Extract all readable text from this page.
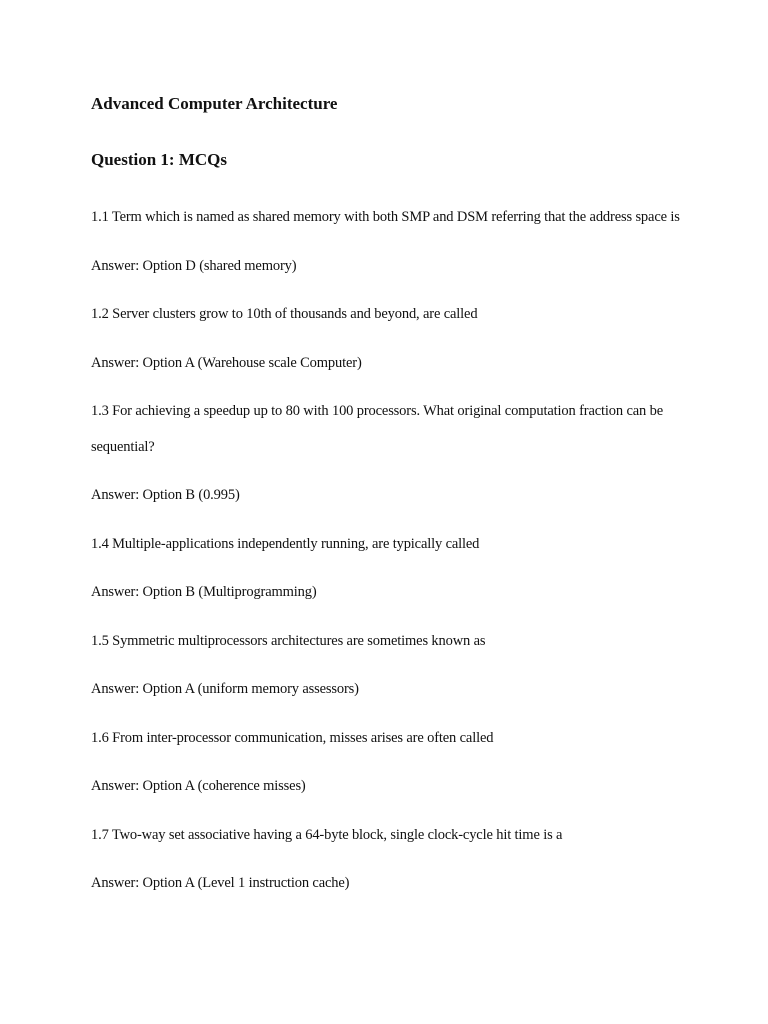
Advanced Computer Architecture
Question 1: MCQs

1.1 Term which is named as shared memory with both SMP and DSM referring that the address space is

Answer: Option D (shared memory)

1.2 Server clusters grow to 10th of thousands and beyond, are called

Answer: Option A (Warehouse scale Computer)

1.3 For achieving a speedup up to 80 with 100 processors. What original computation fraction can be sequential?

Answer: Option B (0.995)

1.4 Multiple-applications independently running, are typically called

Answer: Option B (Multiprogramming)

1.5 Symmetric multiprocessors architectures are sometimes known as

Answer: Option A (uniform memory assessors)

1.6 From inter-processor communication, misses arises are often called

Answer: Option A (coherence misses)

1.7 Two-way set associative having a 64-byte block, single clock-cycle hit time is a

Answer: Option A (Level 1 instruction cache)
